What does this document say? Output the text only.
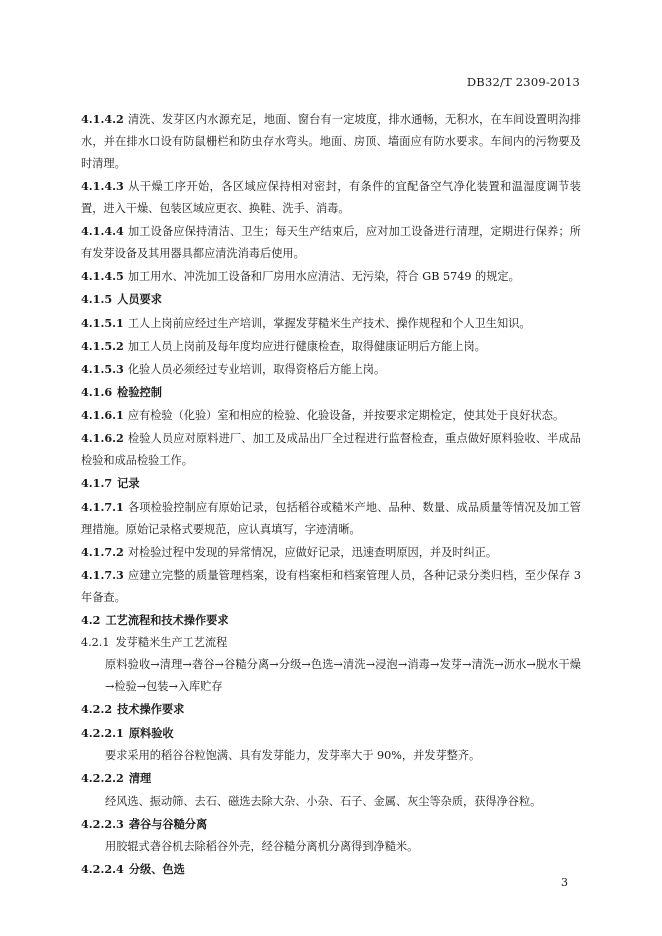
DB32/T 2309-2013
4.1.4.2 清洗、发芽区内水源充足，地面、窗台有一定坡度，排水通畅，无积水，在车间设置明沟排水，并在排水口设有防鼠栅栏和防虫存水弯头。地面、房顶、墙面应有防水要求。车间内的污物要及时清理。
4.1.4.3 从干燥工序开始，各区域应保持相对密封，有条件的宜配备空气净化装置和温湿度调节装置，进入干燥、包装区域应更衣、换鞋、洗手、消毒。
4.1.4.4 加工设备应保持清洁、卫生；每天生产结束后，应对加工设备进行清理，定期进行保养；所有发芽设备及其用器具都应清洗消毒后使用。
4.1.4.5 加工用水、冲洗加工设备和厂房用水应清洁、无污染，符合 GB 5749 的规定。
4.1.5 人员要求
4.1.5.1 工人上岗前应经过生产培训，掌握发芽糙米生产技术、操作规程和个人卫生知识。
4.1.5.2 加工人员上岗前及每年度均应进行健康检查，取得健康证明后方能上岗。
4.1.5.3 化验人员必须经过专业培训，取得资格后方能上岗。
4.1.6 检验控制
4.1.6.1 应有检验（化验）室和相应的检验、化验设备，并按要求定期检定，使其处于良好状态。
4.1.6.2 检验人员应对原料进厂、加工及成品出厂全过程进行监督检查，重点做好原料验收、半成品检验和成品检验工作。
4.1.7 记录
4.1.7.1 各项检验控制应有原始记录，包括稻谷或糙米产地、品种、数量、成品质量等情况及加工管理措施。原始记录格式要规范，应认真填写，字迹清晰。
4.1.7.2 对检验过程中发现的异常情况，应做好记录，迅速查明原因，并及时纠正。
4.1.7.3 应建立完整的质量管理档案，设有档案柜和档案管理人员，各种记录分类归档，至少保存 3 年备查。
4.2 工艺流程和技术操作要求
4.2.1 发芽糙米生产工艺流程
原料验收→清理→砻谷→谷糙分离→分级→色选→清洗→浸泡→消毒→发芽→清洗→沥水→脱水干燥→检验→包装→入库贮存
4.2.2 技术操作要求
4.2.2.1 原料验收
要求采用的稻谷谷粒饱满、具有发芽能力，发芽率大于 90%，并发芽整齐。
4.2.2.2 清理
经风选、振动筛、去石、磁选去除大杂、小杂、石子、金属、灰尘等杂质，获得净谷粒。
4.2.2.3 砻谷与谷糙分离
用胶辊式砻谷机去除稻谷外壳，经谷糙分离机分离得到净糙米。
4.2.2.4 分级、色选
3
